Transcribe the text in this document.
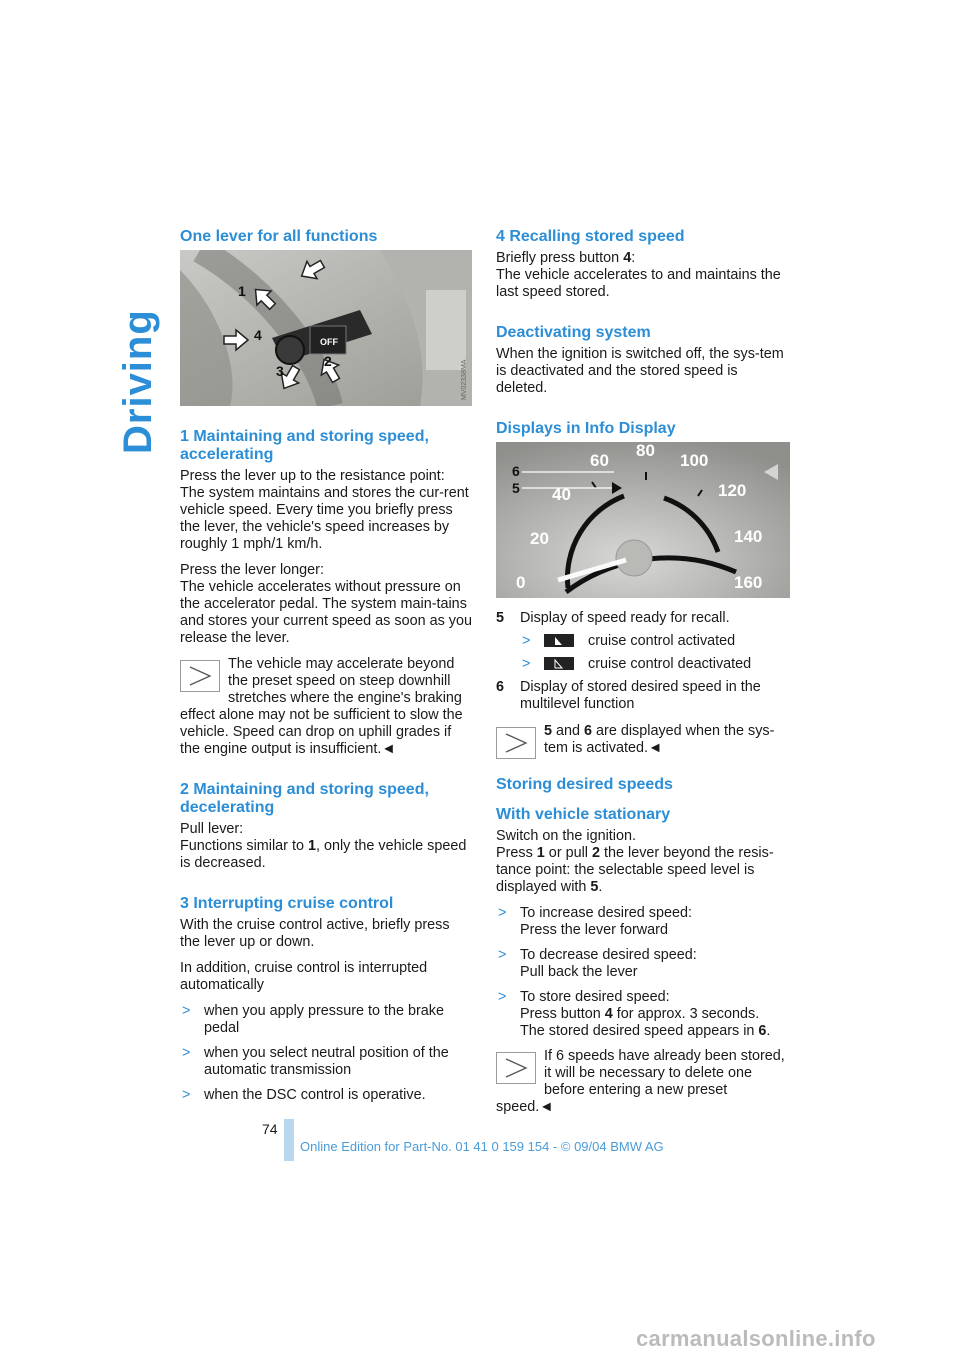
Driving
One lever for all functions
1
2
3
4	OFF
MV02338MA
1 Maintaining and storing speed, accelerating

Press the lever up to the resistance point: The system maintains and stores the cur-rent vehicle speed. Every time you briefly press the lever, the vehicle's speed increases by roughly 1 mph/1 km/h.

Press the lever longer:
The vehicle accelerates without pressure on the accelerator pedal. The system main-tains and stores your current speed as soon as you release the lever.

The vehicle may accelerate beyond the preset speed on steep downhill stretches where the engine's braking effect alone may not be sufficient to slow the vehicle. Speed can drop on uphill grades if the engine output is insufficient.◄
2 Maintaining and storing speed, decelerating

Pull lever:
Functions similar to 1, only the vehicle speed is decreased.

3 Interrupting cruise control

With the cruise control active, briefly press the lever up or down.

In addition, cruise control is interrupted automatically

> when you apply pressure to the brake pedal
> when you select neutral position of the automatic transmission
> when the DSC control is operative.
4 Recalling stored speed

Briefly press button 4:
The vehicle accelerates to and maintains the last speed stored.

Deactivating system

When the ignition is switched off, the sys-tem is deactivated and the stored speed is deleted.

Displays in Info Display
0
20
40
60
80
100
120
140
160
6
5
5 Display of speed ready for recall.
>	cruise control activated
>	cruise control deactivated
6 Display of stored desired speed in the multilevel function
5 and 6 are displayed when the sys-tem is activated.◄
Storing desired speeds
With vehicle stationary

Switch on the ignition.
Press 1 or pull 2 the lever beyond the resis-tance point: the selectable speed level is displayed with 5.

> To increase desired speed:
Press the lever forward
> To decrease desired speed:
Pull back the lever
> To store desired speed:
Press button 4 for approx. 3 seconds.
The stored desired speed appears in 6.
If 6 speeds have already been stored, it will be necessary to delete one before entering a new preset speed.◄
74
Online Edition for Part-No. 01 41 0 159 154 - © 09/04 BMW AG
carmanualsonline.info
